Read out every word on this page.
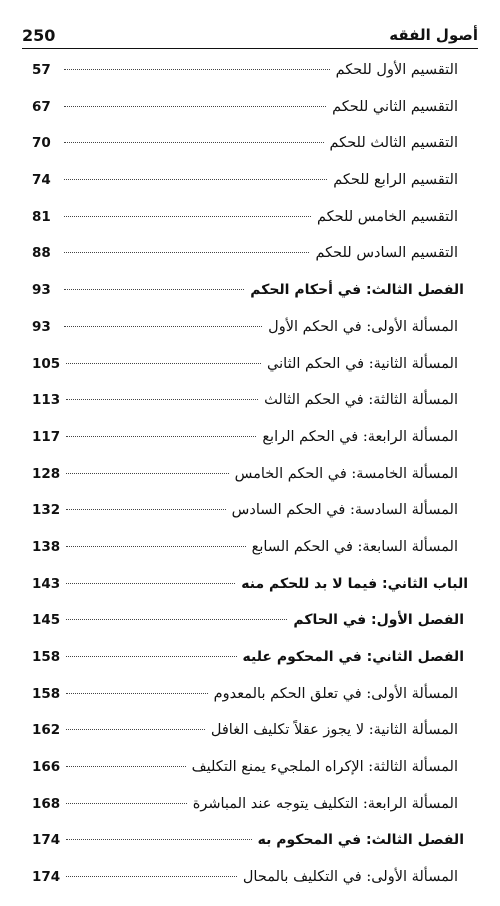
250	أصول الفقه
التقسيم الأول للحكم
57
التقسيم الثاني للحكم
67
التقسيم الثالث للحكم
70
التقسيم الرابع للحكم
74
التقسيم الخامس للحكم
81
التقسيم السادس للحكم
88
الفصل الثالث: في أحكام الحكم
93
المسألة الأولى: في الحكم الأول
93
المسألة الثانية: في الحكم الثاني
105
المسألة الثالثة: في الحكم الثالث
113
المسألة الرابعة: في الحكم الرابع
117
المسألة الخامسة: في الحكم الخامس
128
المسألة السادسة: في الحكم السادس
132
المسألة السابعة: في الحكم السابع
138
الباب الثاني: فيما لا بد للحكم منه
143
الفصل الأول: في الحاكم
145
الفصل الثاني: في المحكوم عليه
158
المسألة الأولى: في تعلق الحكم بالمعدوم
158
المسألة الثانية: لا يجوز عقلاً تكليف الغافل
162
المسألة الثالثة: الإكراه الملجيء يمنع التكليف
166
المسألة الرابعة: التكليف يتوجه عند المباشرة
168
الفصل الثالث: في المحكوم به
174
المسألة الأولى: في التكليف بالمحال
174
